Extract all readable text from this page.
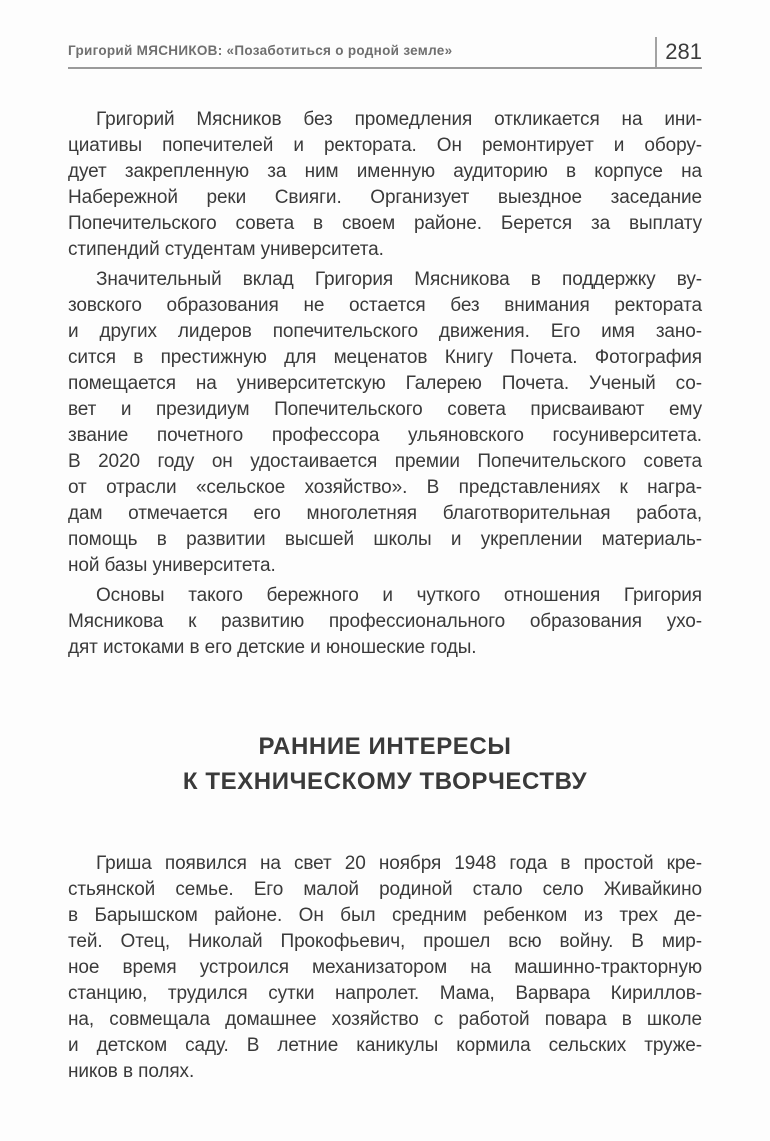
Григорий МЯСНИКОВ: «Позаботиться о родной земле»	281
Григорий Мясников без промедления откликается на ини-
циативы попечителей и ректората. Он ремонтирует и обору-
дует закрепленную за ним именную аудиторию в корпусе на
Набережной реки Свияги. Организует выездное заседание
Попечительского совета в своем районе. Берется за выплату
стипендий студентам университета.
Значительный вклад Григория Мясникова в поддержку ву-
зовского образования не остается без внимания ректората
и других лидеров попечительского движения. Его имя зано-
сится в престижную для меценатов Книгу Почета. Фотография
помещается на университетскую Галерею Почета. Ученый со-
вет и президиум Попечительского совета присваивают ему
звание почетного профессора ульяновского госуниверситета.
В 2020 году он удостаивается премии Попечительского совета
от отрасли «сельское хозяйство». В представлениях к награ-
дам отмечается его многолетняя благотворительная работа,
помощь в развитии высшей школы и укреплении материаль-
ной базы университета.
Основы такого бережного и чуткого отношения Григория
Мясникова к развитию профессионального образования ухо-
дят истоками в его детские и юношеские годы.
РАННИЕ ИНТЕРЕСЫ
К ТЕХНИЧЕСКОМУ ТВОРЧЕСТВУ
Гриша появился на свет 20 ноября 1948 года в простой кре-
стьянской семье. Его малой родиной стало село Живайкино
в Барышском районе. Он был средним ребенком из трех де-
тей. Отец, Николай Прокофьевич, прошел всю войну. В мир-
ное время устроился механизатором на машинно-тракторную
станцию, трудился сутки напролет. Мама, Варвара Кириллов-
на, совмещала домашнее хозяйство с работой повара в школе
и детском саду. В летние каникулы кормила сельских труже-
ников в полях.
